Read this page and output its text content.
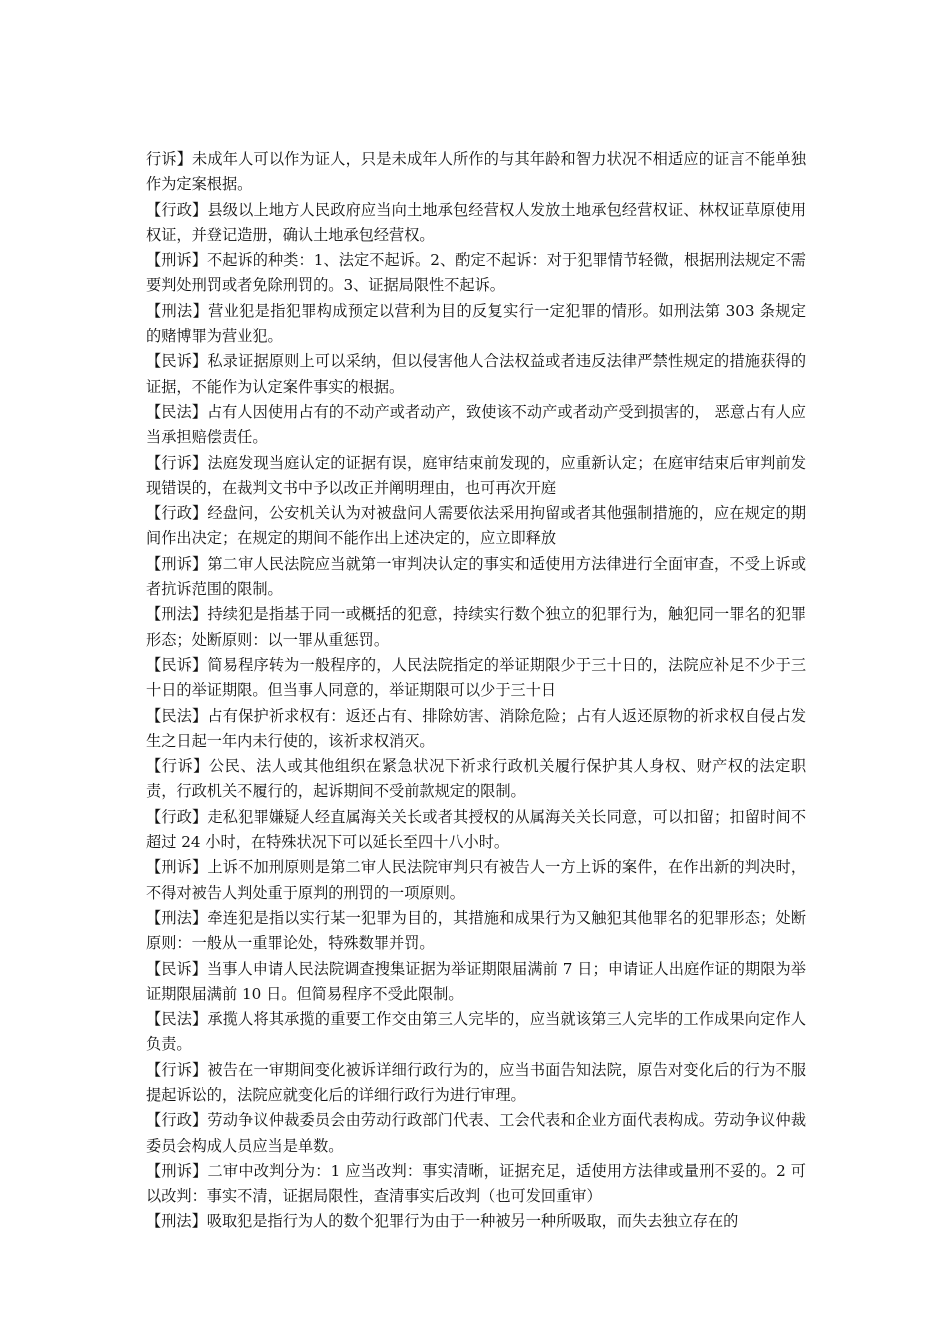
行诉】未成年人可以作为证人，只是未成年人所作的与其年龄和智力状况不相适应的证言不能单独作为定案根据。

【行政】县级以上地方人民政府应当向土地承包经营权人发放土地承包经营权证、林权证草原使用权证，并登记造册，确认土地承包经营权。

【刑诉】不起诉的种类：1、法定不起诉。2、酌定不起诉：对于犯罪情节轻微，根据刑法规定不需要判处刑罚或者免除刑罚的。3、证据局限性不起诉。

【刑法】营业犯是指犯罪构成预定以营利为目的反复实行一定犯罪的情形。如刑法第 303 条规定的赌博罪为营业犯。

【民诉】私录证据原则上可以采纳，但以侵害他人合法权益或者违反法律严禁性规定的措施获得的证据，不能作为认定案件事实的根据。

【民法】占有人因使用占有的不动产或者动产，致使该不动产或者动产受到损害的， 恶意占有人应当承担赔偿责任。

【行诉】法庭发现当庭认定的证据有误，庭审结束前发现的，应重新认定；在庭审结束后审判前发现错误的，在裁判文书中予以改正并阐明理由，也可再次开庭

【行政】经盘问，公安机关认为对被盘问人需要依法采用拘留或者其他强制措施的，应在规定的期间作出决定；在规定的期间不能作出上述决定的，应立即释放

【刑诉】第二审人民法院应当就第一审判决认定的事实和适使用方法律进行全面审查，不受上诉或者抗诉范围的限制。

【刑法】持续犯是指基于同一或概括的犯意，持续实行数个独立的犯罪行为，触犯同一罪名的犯罪形态；处断原则：以一罪从重惩罚。

【民诉】简易程序转为一般程序的，人民法院指定的举证期限少于三十日的，法院应补足不少于三十日的举证期限。但当事人同意的，举证期限可以少于三十日

【民法】占有保护祈求权有：返还占有、排除妨害、消除危险；占有人返还原物的祈求权自侵占发生之日起一年内未行使的，该祈求权消灭。

【行诉】公民、法人或其他组织在紧急状况下祈求行政机关履行保护其人身权、财产权的法定职责，行政机关不履行的，起诉期间不受前款规定的限制。

【行政】走私犯罪嫌疑人经直属海关关长或者其授权的从属海关关长同意，可以扣留；扣留时间不超过 24 小时，在特殊状况下可以延长至四十八小时。

【刑诉】上诉不加刑原则是第二审人民法院审判只有被告人一方上诉的案件，在作出新的判决时，不得对被告人判处重于原判的刑罚的一项原则。

【刑法】牵连犯是指以实行某一犯罪为目的，其措施和成果行为又触犯其他罪名的犯罪形态；处断原则：一般从一重罪论处，特殊数罪并罚。

【民诉】当事人申请人民法院调查搜集证据为举证期限届满前 7 日；申请证人出庭作证的期限为举证期限届满前 10 日。但简易程序不受此限制。

【民法】承揽人将其承揽的重要工作交由第三人完毕的，应当就该第三人完毕的工作成果向定作人负责。

【行诉】被告在一审期间变化被诉详细行政行为的，应当书面告知法院，原告对变化后的行为不服提起诉讼的，法院应就变化后的详细行政行为进行审理。

【行政】劳动争议仲裁委员会由劳动行政部门代表、工会代表和企业方面代表构成。劳动争议仲裁委员会构成人员应当是单数。

【刑诉】二审中改判分为：1 应当改判：事实清晰，证据充足，适使用方法律或量刑不妥的。2 可以改判：事实不清，证据局限性，查清事实后改判（也可发回重审）

【刑法】吸取犯是指行为人的数个犯罪行为由于一种被另一种所吸取，而失去独立存在的
